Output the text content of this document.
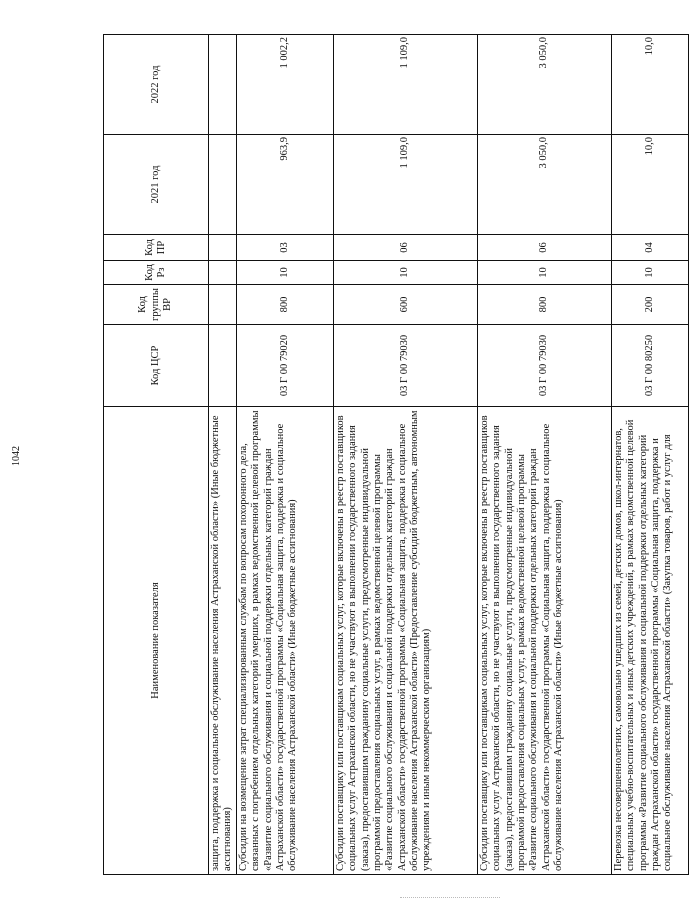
1042
Наименование показателя	Код ЦСР	Код группы ВР	Код Рз	Код ПР	2021 год	2022 год
защита, поддержка и социальное обслуживание населения Астраханской области» (Иные бюджетные ассигнования)						
Субсидии на возмещение затрат специализированным службам по вопросам похоронного дела, связанных с погребением отдельных категорий умерших, в рамках ведомственной целевой программы «Развитие социального обслуживания и социальной поддержки отдельных категорий граждан Астраханской области» государственной программы «Социальная защита, поддержка и социальное обслуживание населения Астраханской области» (Иные бюджетные ассигнования)	03 Г 00 79020	800	10	03	963,9	1 002,2
Субсидии поставщику или поставщикам социальных услуг, которые включены в реестр поставщиков социальных услуг Астраханской области, но не участвуют в выполнении государственного задания (заказа), предоставившим гражданину социальные услуги, предусмотренные индивидуальной программой предоставления социальных услуг, в рамках ведомственной целевой программы «Развитие социального обслуживания и социальной поддержки отдельных категорий граждан Астраханской области» государственной программы «Социальная защита, поддержка и социальное обслуживание населения Астраханской области» (Предоставление субсидий бюджетным, автономным учреждениям и иным некоммерческим организациям)	03 Г 00 79030	600	10	06	1 109,0	1 109,0
Субсидии поставщику или поставщикам социальных услуг, которые включены в реестр поставщиков социальных услуг Астраханской области, но не участвуют в выполнении государственного задания (заказа), предоставившим гражданину социальные услуги, предусмотренные индивидуальной программой предоставления социальных услуг, в рамках ведомственной целевой программы «Развитие социального обслуживания и социальной поддержки отдельных категорий граждан Астраханской области» государственной программы «Социальная защита, поддержка и социальное обслуживание населения Астраханской области» (Иные бюджетные ассигнования)	03 Г 00 79030	800	10	06	3 050,0	3 050,0
Перевозка несовершеннолетних, самовольно ушедших из семей, детских домов, школ-интернатов, специальных учебно-воспитательных и иных детских учреждений, в рамках ведомственной целевой программы «Развитие социального обслуживания и социальной поддержки отдельных категорий граждан Астраханской области» государственной программы «Социальная защита, поддержка и социальное обслуживание населения Астраханской области» (Закупка товаров, работ и услуг для	03 Г 00 80250	200	10	04	10,0	10,0
